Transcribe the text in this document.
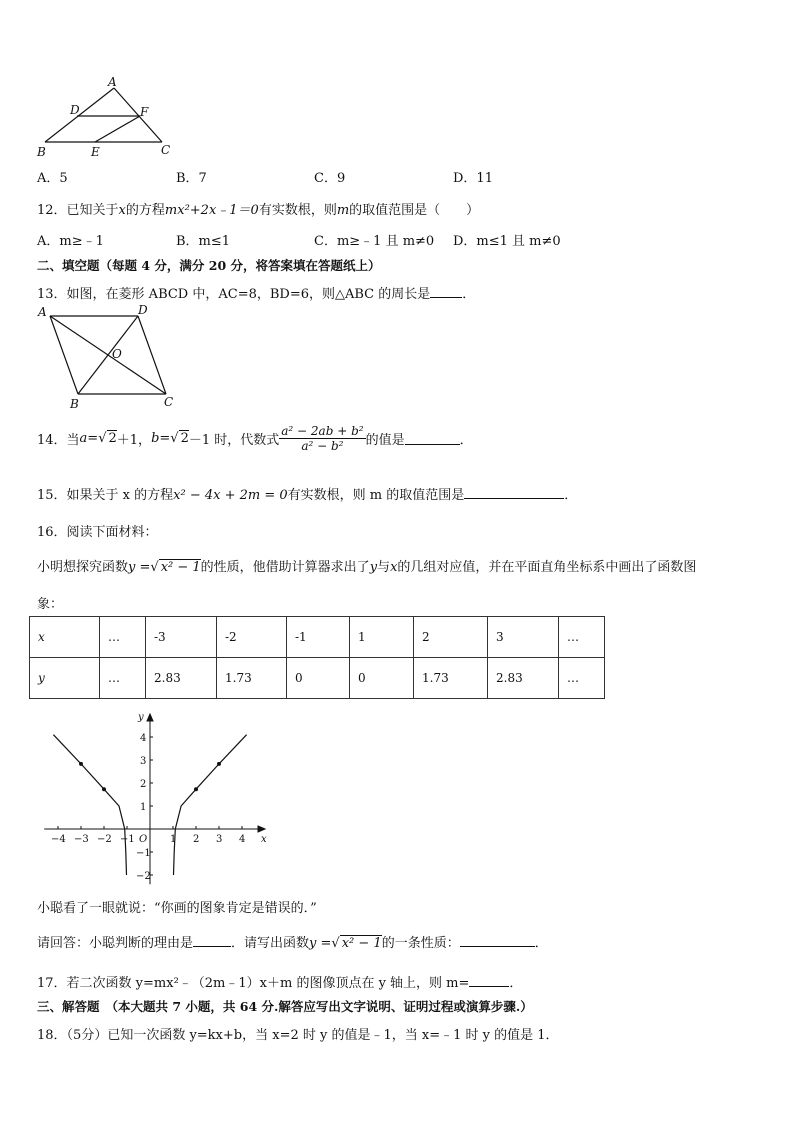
A
D	F
B	E	C
A．5	B．7	C．9	D．11
12．已知关于x的方程mx²+2x﹣1＝0有实数根，则m的取值范围是（　　）
A．m≥﹣1	B．m≤1	C．m≥﹣1 且 m≠0 D．m≤1 且 m≠0
二、填空题（每题 4 分，满分 20 分，将答案填在答题纸上）
13．如图，在菱形 ABCD 中，AC=8，BD=6，则△ABC 的周长是 ．
A	D
O
B	C
14．当 a= √ 2 ＋1， b= √ 2 －1 时，代数式 $\frac{\text{a² − 2ab + b²}}{\text{a² − b²}}$ 的值是	．
15．如果关于 x 的方程x² − 4x + 2m = 0有实数根，则 m 的取值范围是	．
16．阅读下面材料：
小明想探究函数y =√ x² − 1的性质，他借助计算器求出了y与x的几组对应值，并在平面直角坐标系中画出了函数图
象：
x	…	-3	-2	-1	1	2	3	…
y	…	2.83	1.73	0	0	1.73	2.83	…
−4 −3 −2 −1	1 2 3 4
4
3
2
1
−1
−2
O	x
y
小聪看了一眼就说：“你画的图象肯定是错误的．”
请回答：小聪判断的理由是	．请写出函数y =√ x² − 1的一条性质：	．
17．若二次函数 y=mx²﹣（2m﹣1）x＋m 的图像顶点在 y 轴上，则 m=	．
三、解答题 （本大题共 7 小题，共 64 分.解答应写出文字说明、证明过程或演算步骤.）
18．（5分）已知一次函数 y=kx+b，当 x=2 时 y 的值是﹣1，当 x=﹣1 时 y 的值是 1．
